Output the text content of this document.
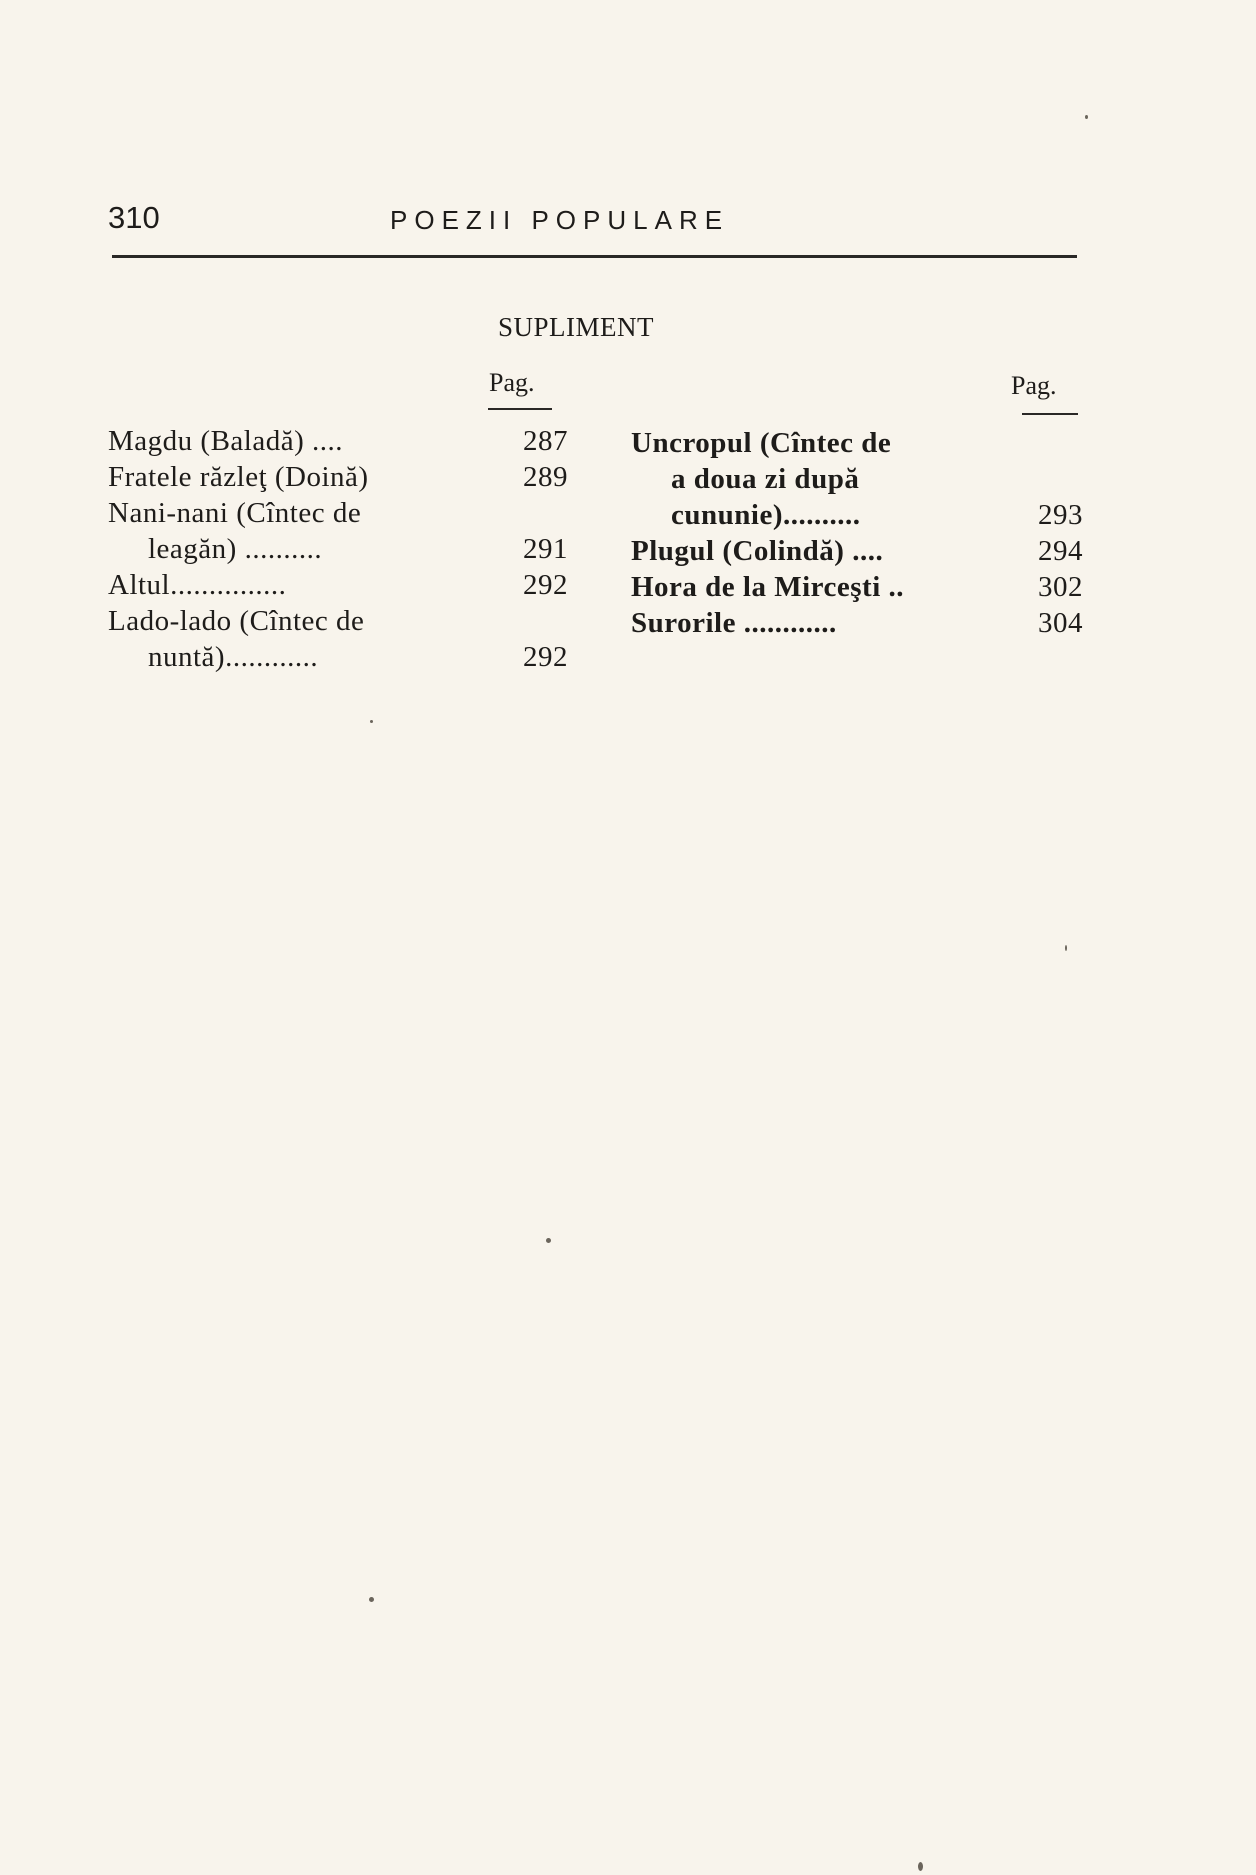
310	POEZII POPULARE
SUPLIMENT
Pag.	Pag.
Magdu (Baladă) ....	287
Fratele răzleţ (Doină)	289
Nani-nani (Cîntec de
leagăn) ..........	291
Altul...............	292
Lado-lado (Cîntec de
nuntă)............	292
Uncropul (Cîntec de
a doua zi după
cununie)..........	293
Plugul (Colindă) ....	294
Hora de la Mirceşti ..	302
Surorile ............	304
